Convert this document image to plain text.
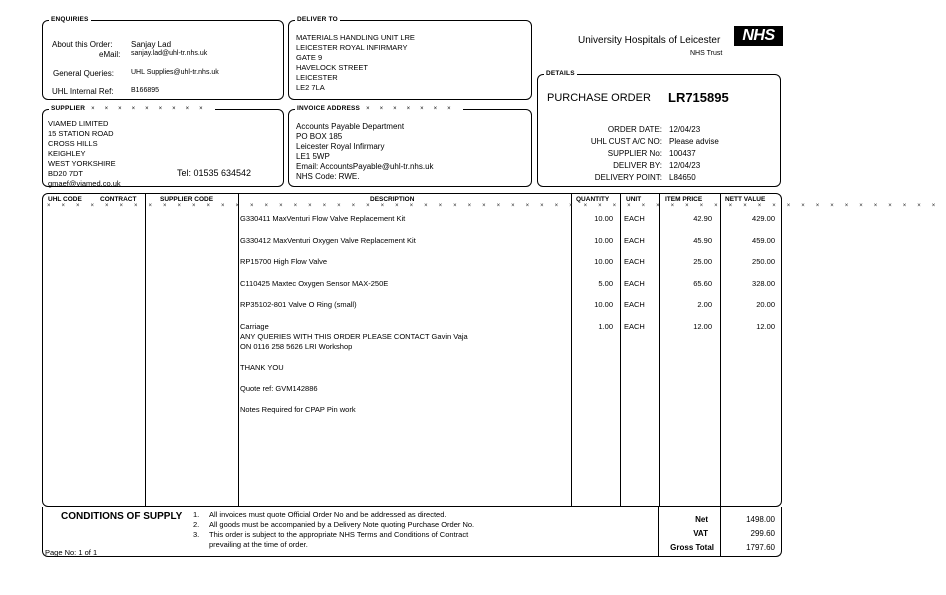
ENQUIRIES
About this Order: Sanjay Lad
eMail: sanjay.lad@uhl-tr.nhs.uk
General Queries: UHL Supplies@uhl-tr.nhs.uk
UHL Internal Ref: B166895
DELIVER TO
MATERIALS HANDLING UNIT LRE
LEICESTER ROYAL INFIRMARY
GATE 9
HAVELOCK STREET
LEICESTER
LE2 7LA
University Hospitals of Leicester	NHS
NHS Trust
DETAILS
PURCHASE ORDER LR715895
ORDER DATE: 12/04/23
UHL CUST A/C NO: Please advise
SUPPLIER No: 100437
DELIVER BY: 12/04/23
DELIVERY POINT: L84650
SUPPLIER ×××××××××
VIAMED LIMITED
15 STATION ROAD
CROSS HILLS
KEIGHLEY
WEST YORKSHIRE
BD20 7DT
gmaef@viamed.co.uk
Tel: 01535 634542
INVOICE ADDRESS ×××××××
Accounts Payable Department
PO BOX 185
Leicester Royal Infirmary
LE1 5WP
Email: AccountsPayable@uhl-tr.nhs.uk
NHS Code: RWE.
UHL CODE	CONTRACT	SUPPLIER CODE	DESCRIPTION	QUANTITY	UNIT	ITEM PRICE	NETT VALUE
××××××××××××××××××××××××××××××××××××××××××××××××××××××××××××××
G330411 MaxVenturi Flow Valve Replacement Kit	10.00 EACH	42.90	429.00
G330412 MaxVenturi Oxygen Valve Replacement Kit	10.00 EACH	45.90	459.00
RP15700 High Flow Valve	10.00 EACH	25.00	250.00
C110425 Maxtec Oxygen Sensor MAX-250E	5.00 EACH	65.60	328.00
RP35102-801 Valve O Ring (small)	10.00 EACH	2.00	20.00
Carriage	1.00 EACH	12.00	12.00
ANY QUERIES WITH THIS ORDER PLEASE CONTACT Gavin Vaja
ON 0116 258 5626 LRI Workshop
THANK YOU
Quote ref: GVM142886
Notes Required for CPAP Pin work
CONDITIONS OF SUPPLY 1. All invoices must quote Official Order No and be addressed as directed.
2. All goods must be accompanied by a Delivery Note quoting Purchase Order No.
3. This order is subject to the appropriate NHS Terms and Conditions of Contract
prevailing at the time of order.
Net	1498.00
VAT	299.60
Gross Total	1797.60
Page No: 1 of 1
